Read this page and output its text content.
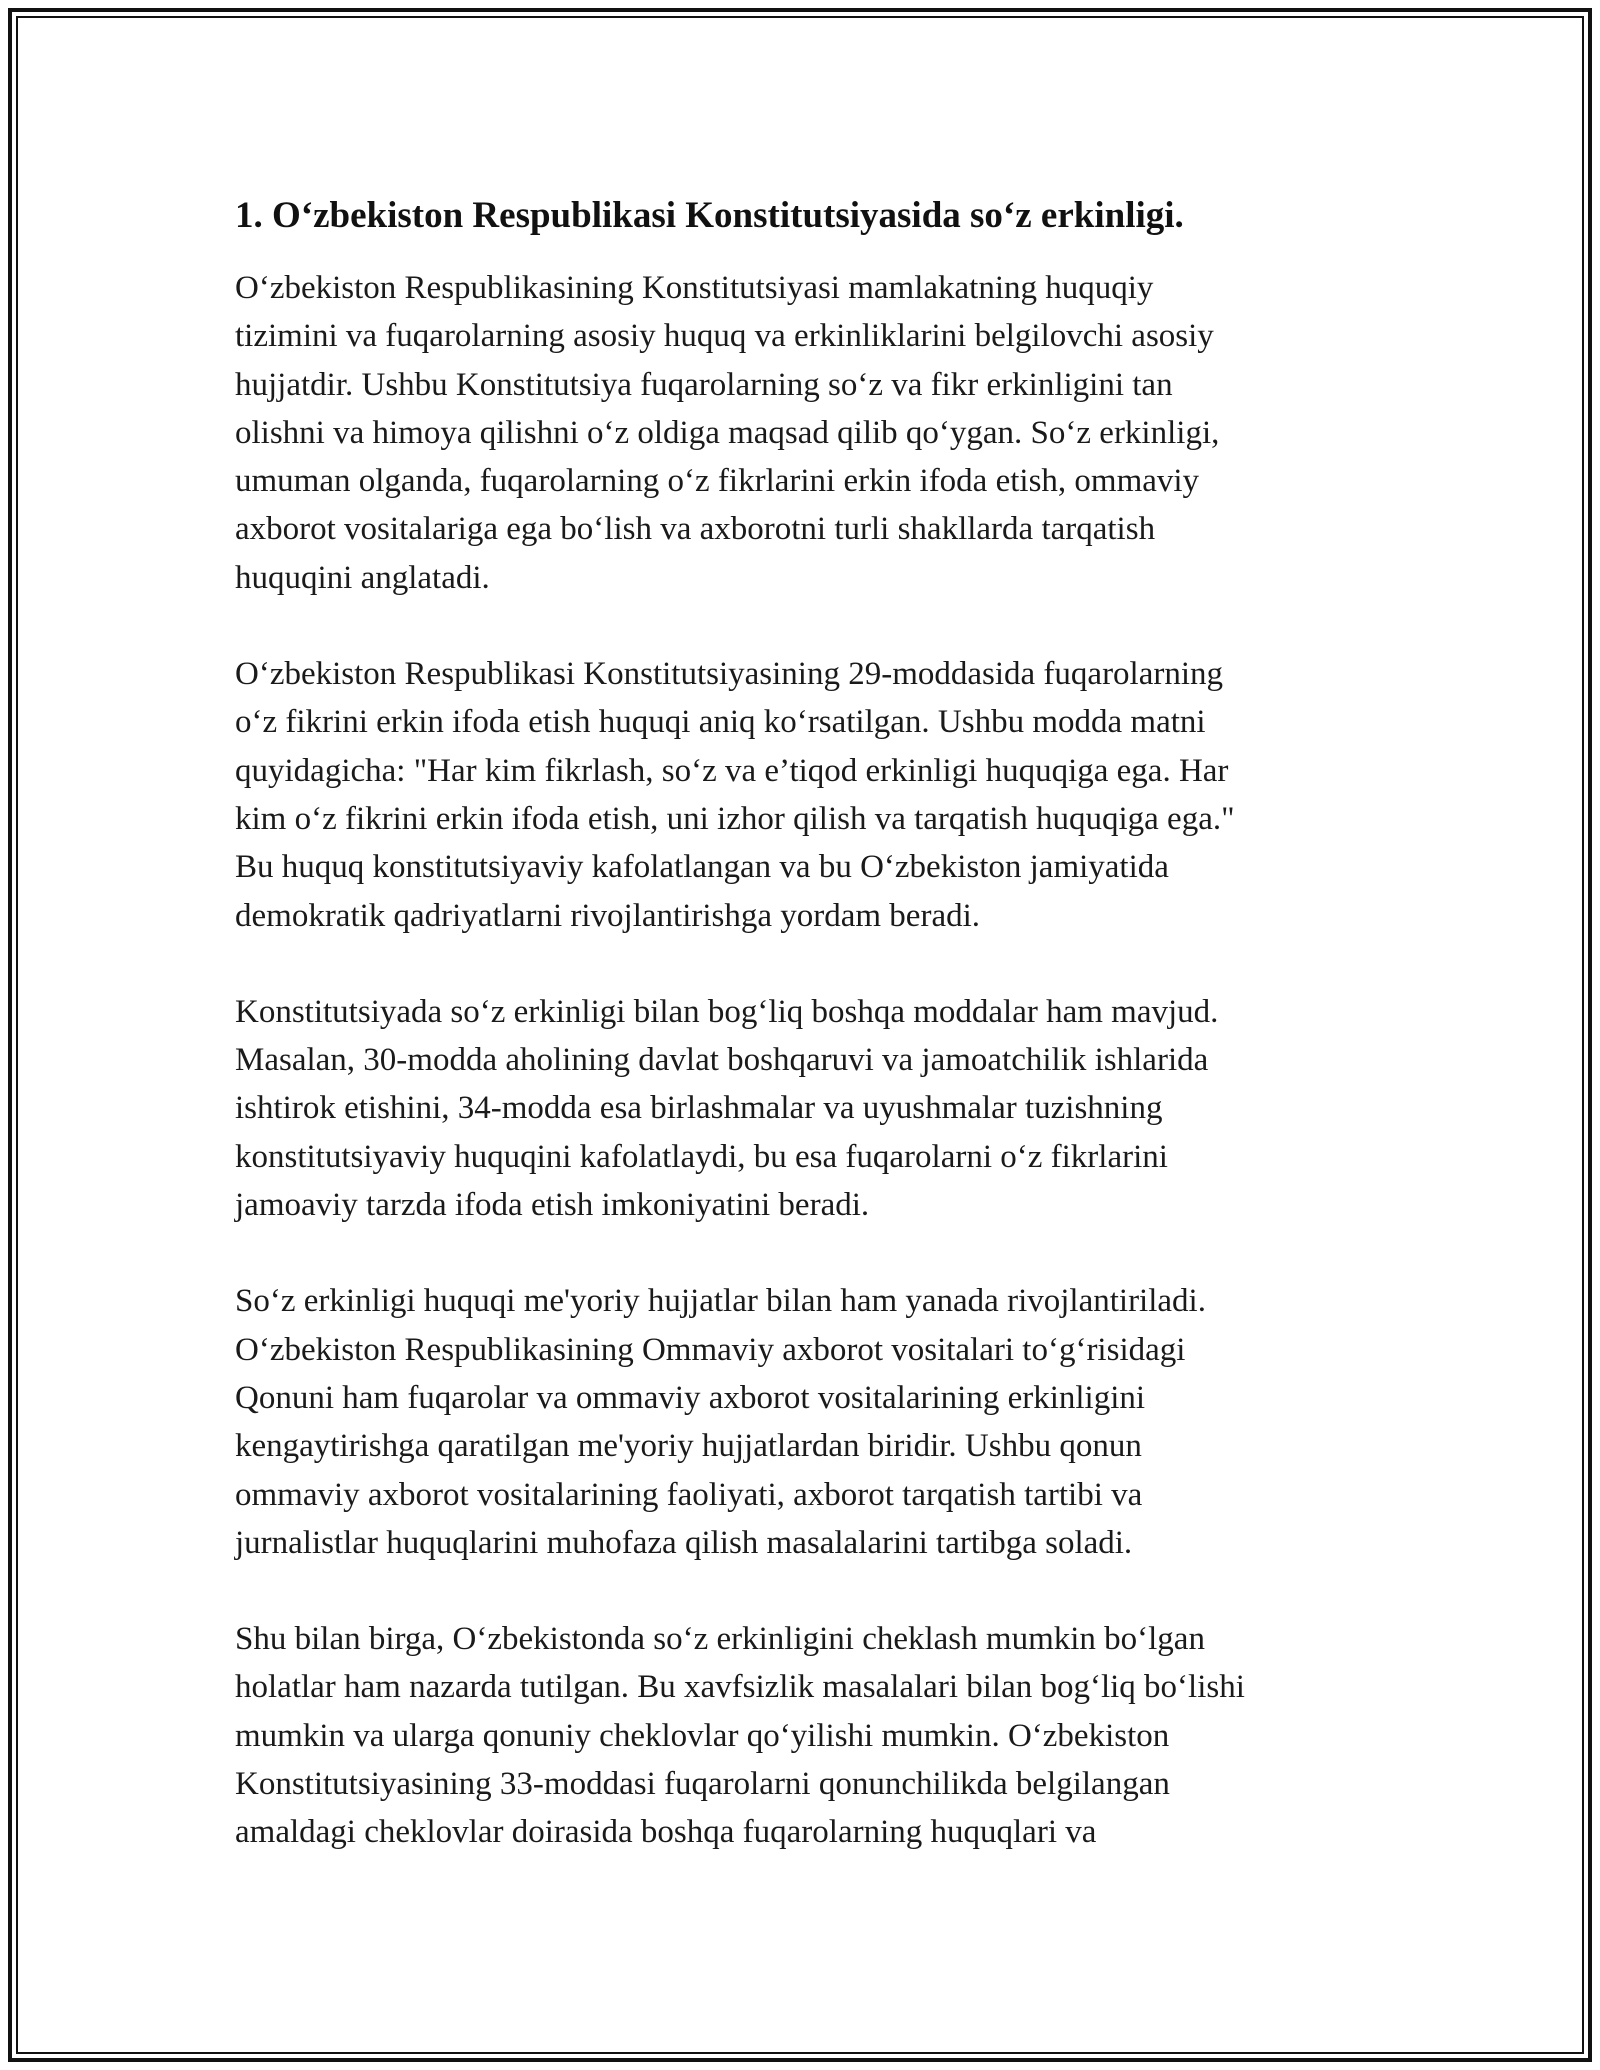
1. O‘zbekiston Respublikasi Konstitutsiyasida so‘z erkinligi.

O‘zbekiston Respublikasining Konstitutsiyasi mamlakatning huquqiy
tizimini va fuqarolarning asosiy huquq va erkinliklarini belgilovchi asosiy
hujjatdir. Ushbu Konstitutsiya fuqarolarning so‘z va fikr erkinligini tan
olishni va himoya qilishni o‘z oldiga maqsad qilib qo‘ygan. So‘z erkinligi,
umuman olganda, fuqarolarning o‘z fikrlarini erkin ifoda etish, ommaviy
axborot vositalariga ega bo‘lish va axborotni turli shakllarda tarqatish
huquqini anglatadi.

O‘zbekiston Respublikasi Konstitutsiyasining 29-moddasida fuqarolarning
o‘z fikrini erkin ifoda etish huquqi aniq ko‘rsatilgan. Ushbu modda matni
quyidagicha: "Har kim fikrlash, so‘z va e’tiqod erkinligi huquqiga ega. Har
kim o‘z fikrini erkin ifoda etish, uni izhor qilish va tarqatish huquqiga ega."
Bu huquq konstitutsiyaviy kafolatlangan va bu O‘zbekiston jamiyatida
demokratik qadriyatlarni rivojlantirishga yordam beradi.

Konstitutsiyada so‘z erkinligi bilan bog‘liq boshqa moddalar ham mavjud.
Masalan, 30-modda aholining davlat boshqaruvi va jamoatchilik ishlarida
ishtirok etishini, 34-modda esa birlashmalar va uyushmalar tuzishning
konstitutsiyaviy huquqini kafolatlaydi, bu esa fuqarolarni o‘z fikrlarini
jamoaviy tarzda ifoda etish imkoniyatini beradi.

So‘z erkinligi huquqi me'yoriy hujjatlar bilan ham yanada rivojlantiriladi.
O‘zbekiston Respublikasining Ommaviy axborot vositalari to‘g‘risidagi
Qonuni ham fuqarolar va ommaviy axborot vositalarining erkinligini
kengaytirishga qaratilgan me'yoriy hujjatlardan biridir. Ushbu qonun
ommaviy axborot vositalarining faoliyati, axborot tarqatish tartibi va
jurnalistlar huquqlarini muhofaza qilish masalalarini tartibga soladi.

Shu bilan birga, O‘zbekistonda so‘z erkinligini cheklash mumkin bo‘lgan
holatlar ham nazarda tutilgan. Bu xavfsizlik masalalari bilan bog‘liq bo‘lishi
mumkin va ularga qonuniy cheklovlar qo‘yilishi mumkin. O‘zbekiston
Konstitutsiyasining 33-moddasi fuqarolarni qonunchilikda belgilangan
amaldagi cheklovlar doirasida boshqa fuqarolarning huquqlari va
